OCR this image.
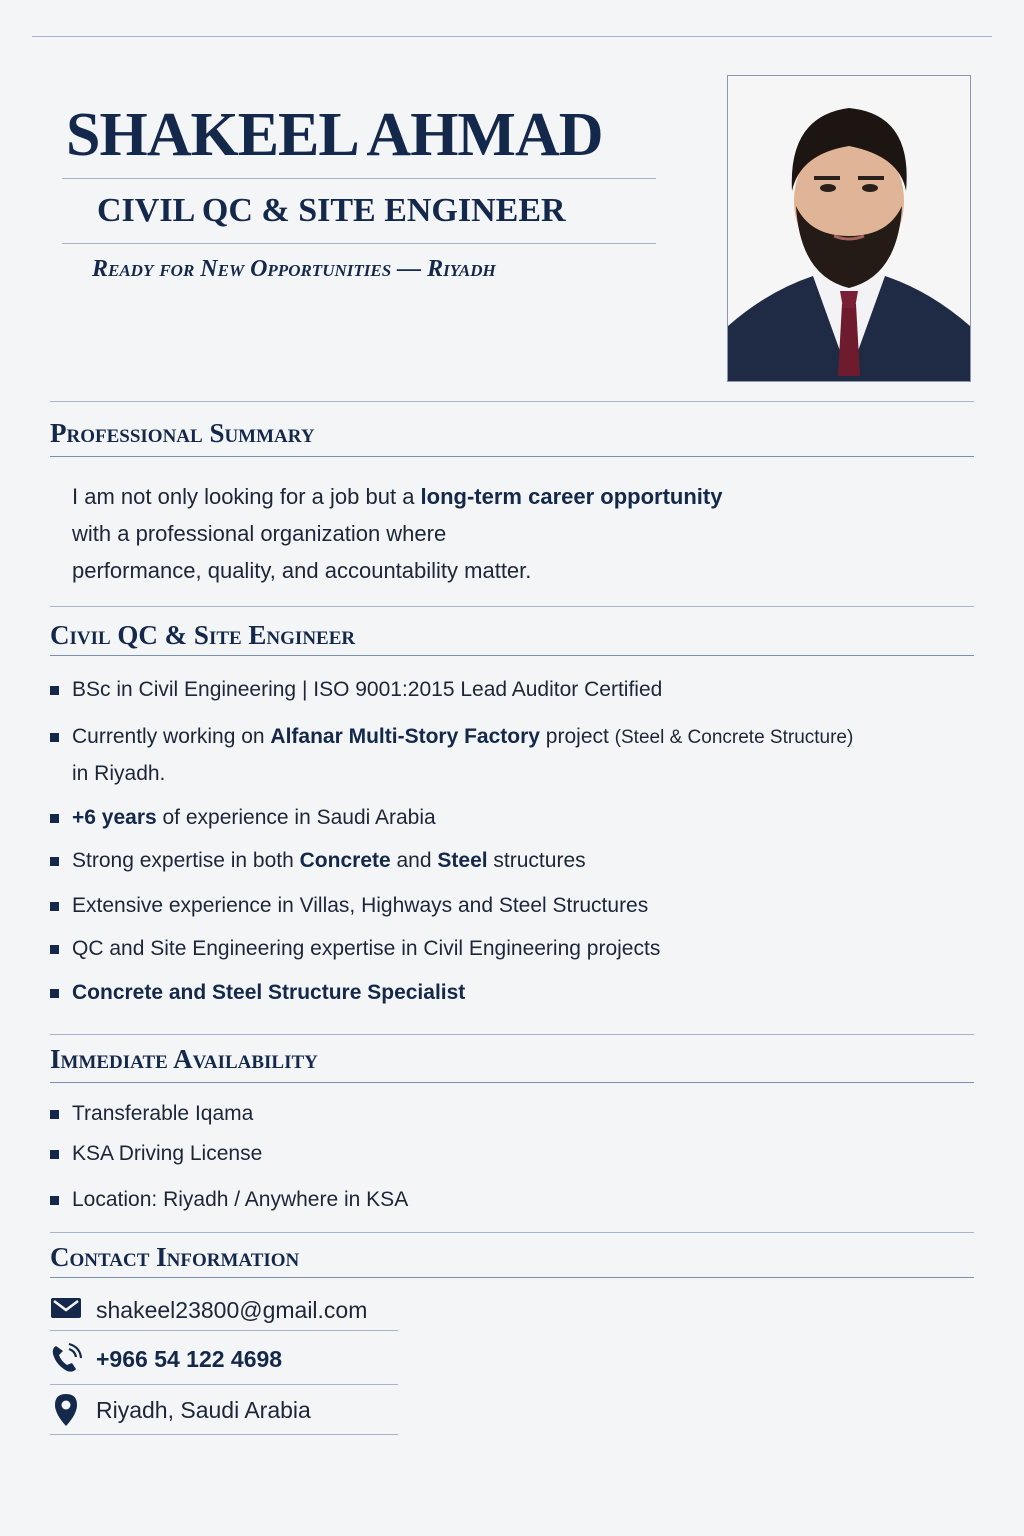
SHAKEEL AHMAD
CIVIL QC & SITE ENGINEER
Ready for New Opportunities — Riyadh
Professional Summary
I am not only looking for a job but a long-term career opportunity
with a professional organization where
performance, quality, and accountability matter.
Civil QC & Site Engineer
BSc in Civil Engineering | ISO 9001:2015 Lead Auditor Certified
Currently working on Alfanar Multi-Story Factory project (Steel & Concrete Structure)
in Riyadh.
+6 years of experience in Saudi Arabia
Strong expertise in both Concrete and Steel structures
Extensive experience in Villas, Highways and Steel Structures
QC and Site Engineering expertise in Civil Engineering projects
Concrete and Steel Structure Specialist
Immediate Availability
Transferable Iqama
KSA Driving License
Location: Riyadh / Anywhere in KSA
Contact Information
shakeel23800@gmail.com
+966 54 122 4698
Riyadh, Saudi Arabia
